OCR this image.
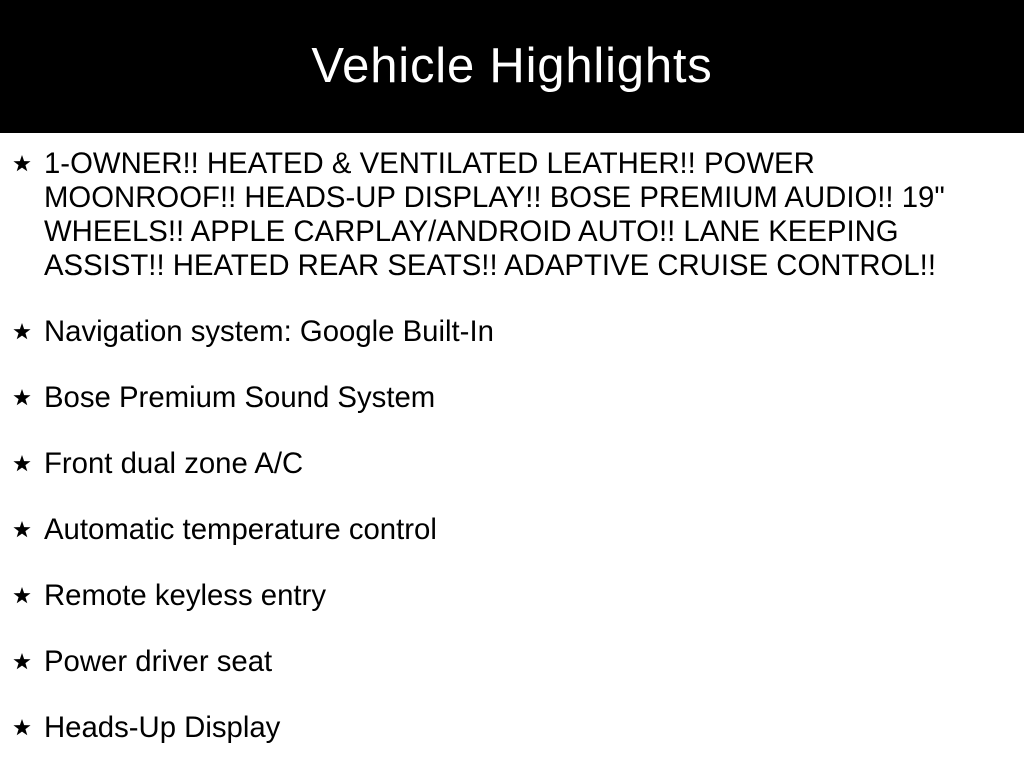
Vehicle Highlights
1-OWNER!! HEATED & VENTILATED LEATHER!! POWER MOONROOF!! HEADS-UP DISPLAY!! BOSE PREMIUM AUDIO!! 19" WHEELS!! APPLE CARPLAY/ANDROID AUTO!! LANE KEEPING ASSIST!! HEATED REAR SEATS!! ADAPTIVE CRUISE CONTROL!!
Navigation system: Google Built-In
Bose Premium Sound System
Front dual zone A/C
Automatic temperature control
Remote keyless entry
Power driver seat
Heads-Up Display
